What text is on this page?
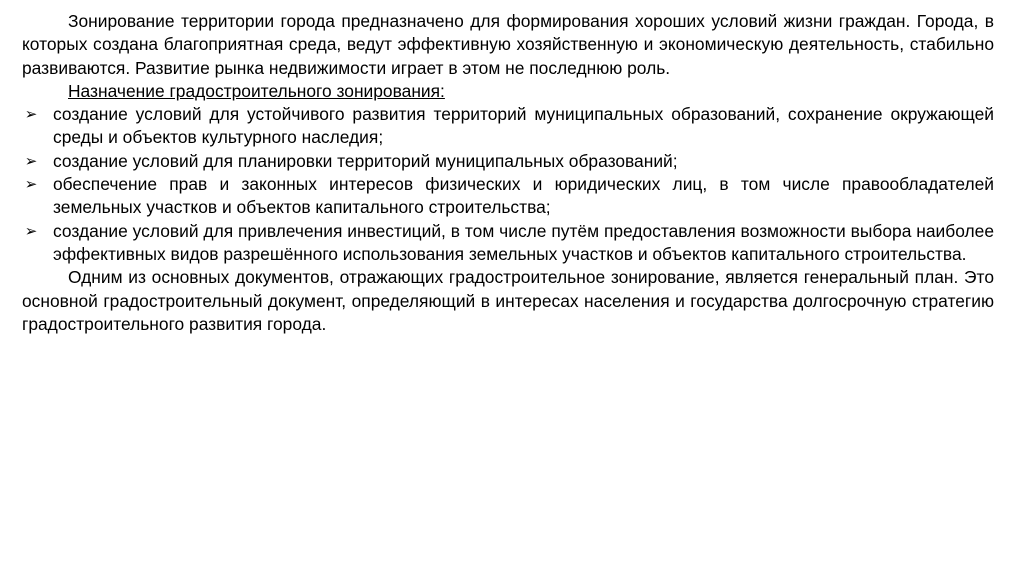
Зонирование территории города предназначено для формирования хороших условий жизни граждан. Города, в которых создана благоприятная среда, ведут эффективную хозяйственную и экономическую деятельность, стабильно развиваются. Развитие рынка недвижимости играет в этом не последнюю роль.

Назначение градостроительного зонирования:

➢ создание условий для устойчивого развития территорий муниципальных образований, сохранение окружающей среды и объектов культурного наследия;
➢ создание условий для планировки территорий муниципальных образований;
➢ обеспечение прав и законных интересов физических и юридических лиц, в том числе правообладателей земельных участков и объектов капитального строительства;
➢ создание условий для привлечения инвестиций, в том числе путём предоставления возможности выбора наиболее эффективных видов разрешённого использования земельных участков и объектов капитального строительства.

Одним из основных документов, отражающих градостроительное зонирование, является генеральный план. Это основной градостроительный документ, определяющий в интересах населения и государства долгосрочную стратегию градостроительного развития города.
